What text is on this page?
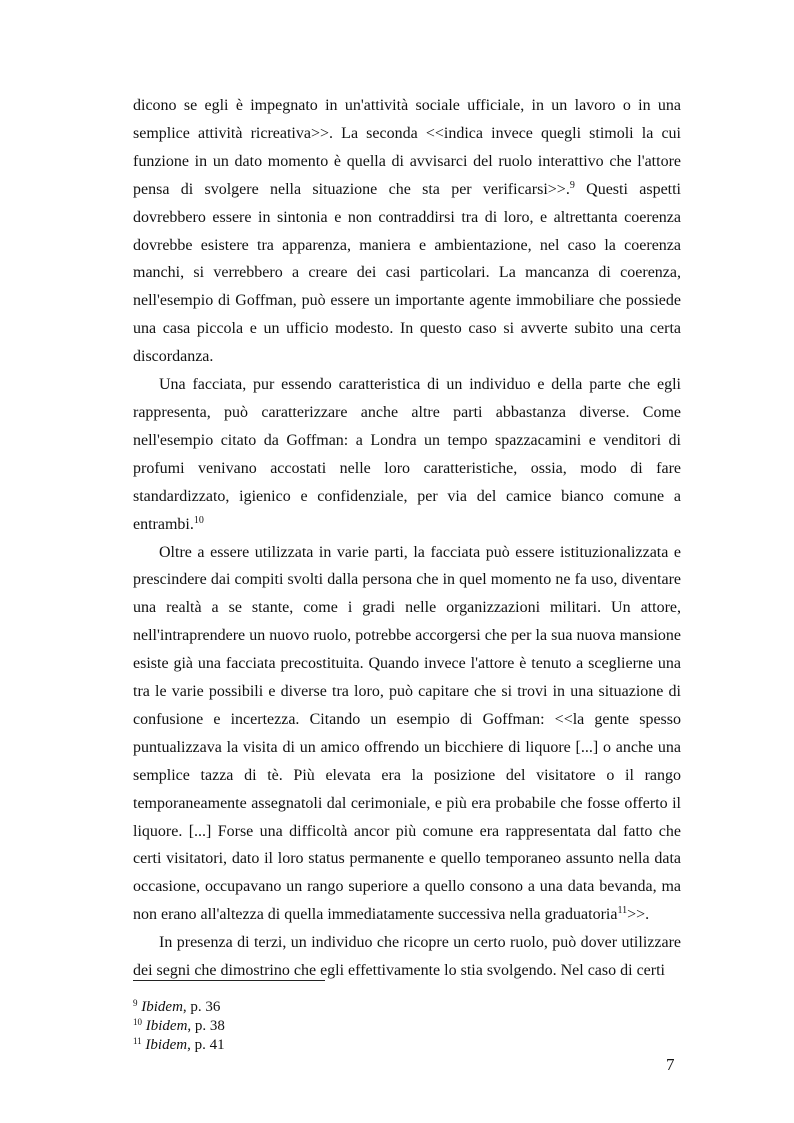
dicono se egli è impegnato in un'attività sociale ufficiale, in un lavoro o in una semplice attività ricreativa>>. La seconda <<indica invece quegli stimoli la cui funzione in un dato momento è quella di avvisarci del ruolo interattivo che l'attore pensa di svolgere nella situazione che sta per verificarsi>>.$^9$ Questi aspetti dovrebbero essere in sintonia e non contraddirsi tra di loro, e altrettanta coerenza dovrebbe esistere tra apparenza, maniera e ambientazione, nel caso la coerenza manchi, si verrebbero a creare dei casi particolari. La mancanza di coerenza, nell'esempio di Goffman, può essere un importante agente immobiliare che possiede una casa piccola e un ufficio modesto. In questo caso si avverte subito una certa discordanza.

Una facciata, pur essendo caratteristica di un individuo e della parte che egli rappresenta, può caratterizzare anche altre parti abbastanza diverse. Come nell'esempio citato da Goffman: a Londra un tempo spazzacamini e venditori di profumi venivano accostati nelle loro caratteristiche, ossia, modo di fare standardizzato, igienico e confidenziale, per via del camice bianco comune a entrambi.$^{10}$

Oltre a essere utilizzata in varie parti, la facciata può essere istituzionalizzata e prescindere dai compiti svolti dalla persona che in quel momento ne fa uso, diventare una realtà a se stante, come i gradi nelle organizzazioni militari. Un attore, nell'intraprendere un nuovo ruolo, potrebbe accorgersi che per la sua nuova mansione esiste già una facciata precostituita. Quando invece l'attore è tenuto a sceglierne una tra le varie possibili e diverse tra loro, può capitare che si trovi in una situazione di confusione e incertezza. Citando un esempio di Goffman: <<la gente spesso puntualizzava la visita di un amico offrendo un bicchiere di liquore [...] o anche una semplice tazza di tè. Più elevata era la posizione del visitatore o il rango temporaneamente assegnatoli dal cerimoniale, e più era probabile che fosse offerto il liquore. [...] Forse una difficoltà ancor più comune era rappresentata dal fatto che certi visitatori, dato il loro status permanente e quello temporaneo assunto nella data occasione, occupavano un rango superiore a quello consono a una data bevanda, ma non erano all'altezza di quella immediatamente successiva nella graduatoria$^{11}$>>.

In presenza di terzi, un individuo che ricopre un certo ruolo, può dover utilizzare dei segni che dimostrino che egli effettivamente lo stia svolgendo. Nel caso di certi

$^9$ Ibidem, p. 36

$^{10}$ Ibidem, p. 38

$^{11}$ Ibidem, p. 41

7
